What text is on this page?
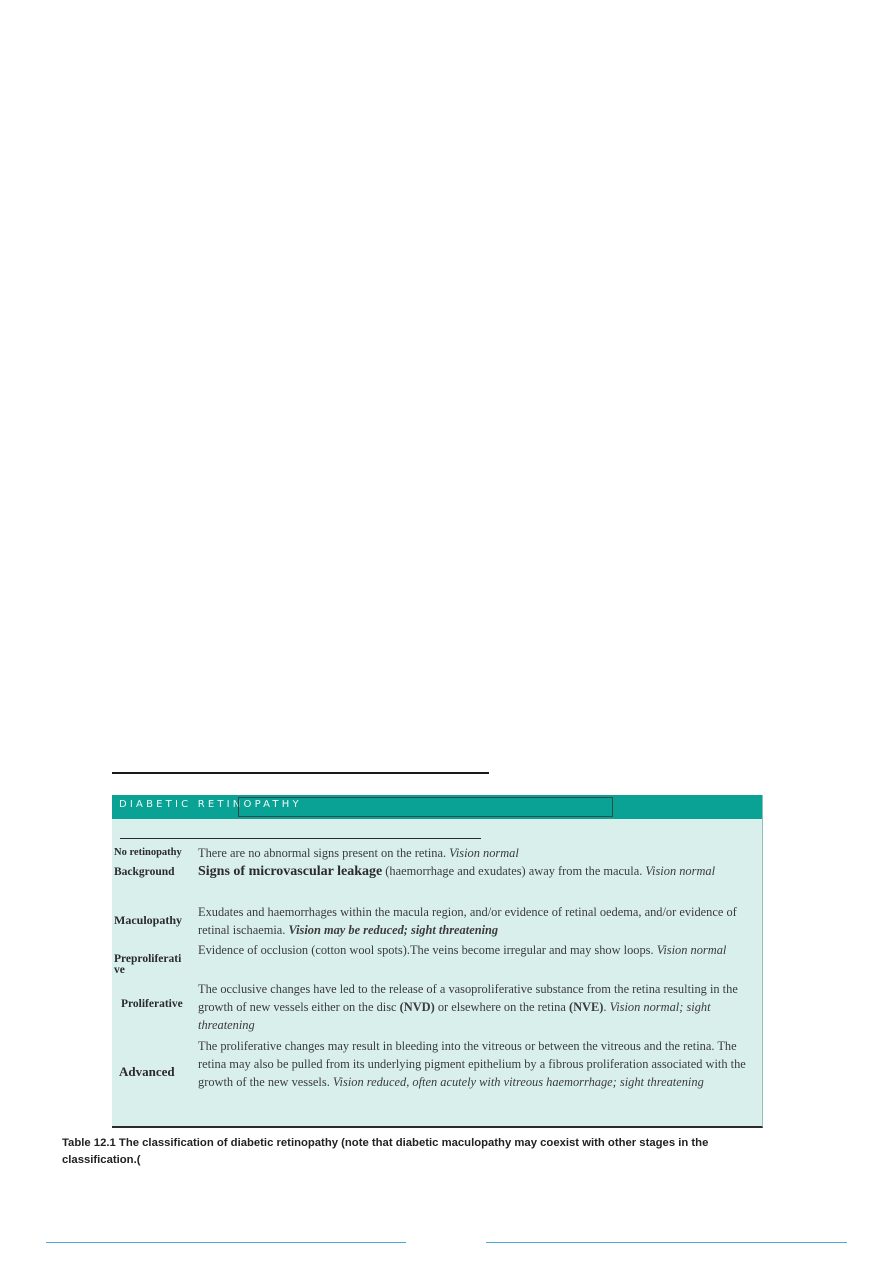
DIABETIC RETINOPATHY
No retinopathy There are no abnormal signs present on the retina. Vision normal
Background Signs of microvascular leakage (haemorrhage and exudates) away from the macula. Vision normal
Maculopathy
Exudates and haemorrhages within the macula region, and/or evidence of retinal oedema, and/or evidence of retinal ischaemia. Vision may be reduced; sight threatening
Preproliferati
ve
Evidence of occlusion (cotton wool spots).The veins become irregular and may show loops. Vision normal
Proliferative
The occlusive changes have led to the release of a vasoproliferative substance from the retina resulting in the growth of new vessels either on the disc (NVD) or elsewhere on the retina (NVE). Vision normal; sight threatening
Advanced
The proliferative changes may result in bleeding into the vitreous or between the vitreous and the retina. The retina may also be pulled from its underlying pigment epithelium by a fibrous proliferation associated with the growth of the new vessels. Vision reduced, often acutely with vitreous haemorrhage; sight threatening
Table 12.1 The classification of diabetic retinopathy (note that diabetic maculopathy may coexist with other stages in the classification.(
